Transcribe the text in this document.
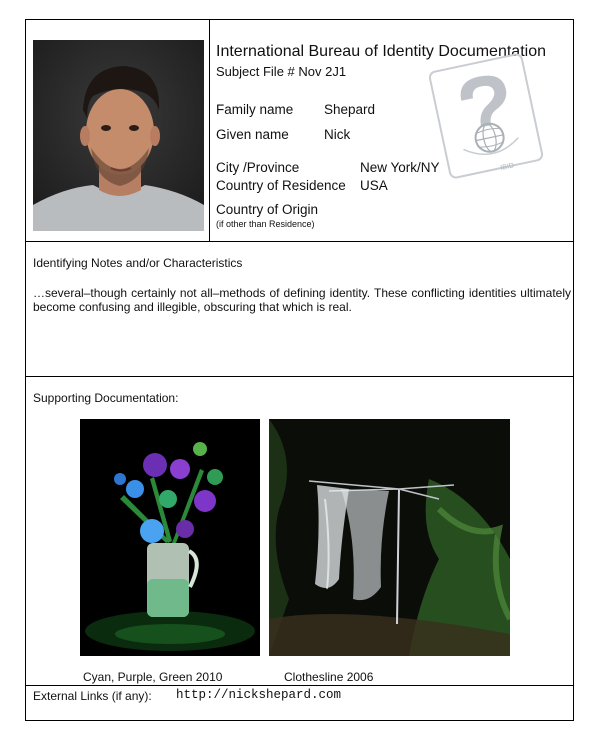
International Bureau of Identity Documentation
Subject File # Nov 2J1
Family name Shepard
Given name	Nick
City /Province	New York/NY
Country of Residence USA
Country of Origin
(if other than Residence)
IBID
Identifying Notes and/or Characteristics
…several–though certainly not all–methods of defining identity. These conflicting identities ultimately become confusing and illegible, obscuring that which is real.
Supporting Documentation:
Cyan, Purple, Green 2010	Clothesline 2006
External Links (if any): http://nickshepard.com
